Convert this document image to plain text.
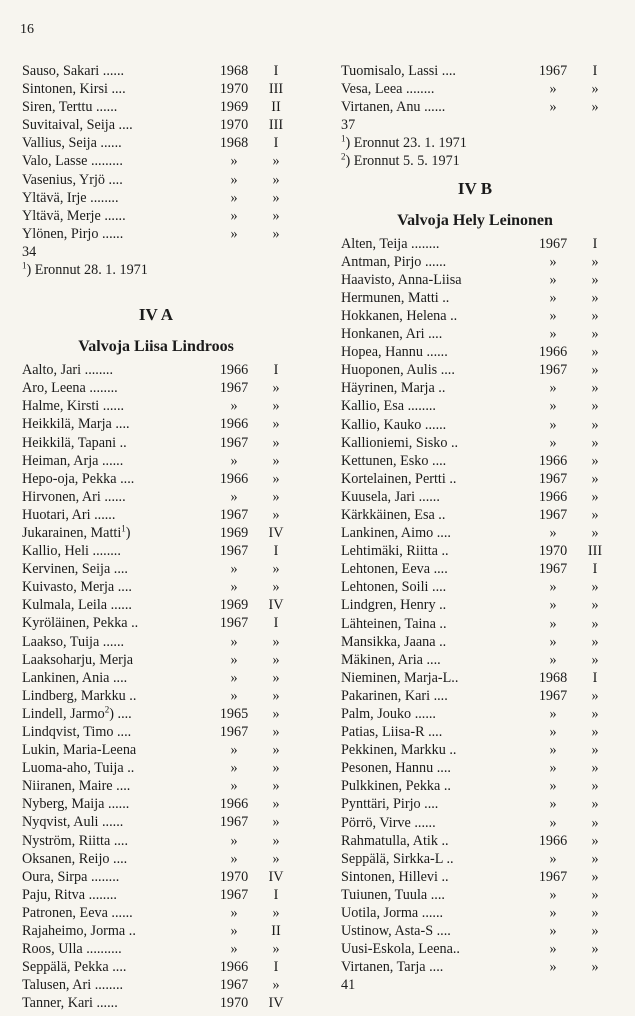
16
Sauso, Sakari ......	1968	I
Sintonen, Kirsi ....	1970	III
Siren, Terttu ......	1969	II
Suvitaival, Seija ....	1970	III
Vallius, Seija ......	1968	I
Valo, Lasse .........	»	»
Vasenius, Yrjö ....	»	»
Yltävä, Irje ........	»	»
Yltävä, Merje ......	»	»
Ylönen, Pirjo ......	»	»
34
$^1$) Eronnut 28. 1. 1971
IV A
Valvoja Liisa Lindroos
Aalto, Jari ........	1966	I
Aro, Leena ........	1967	»
Halme, Kirsti ......	»	»
Heikkilä, Marja ....	1966	»
Heikkilä, Tapani ..	1967	»
Heiman, Arja ......	»	»
Hepo-oja, Pekka ....	1966	»
Hirvonen, Ari ......	»	»
Huotari, Ari ......	1967	»
Jukarainen, Matti$^1$)	1969	IV
Kallio, Heli ........	1967	I
Kervinen, Seija ....	»	»
Kuivasto, Merja ....	»	»
Kulmala, Leila ......	1969	IV
Kyröläinen, Pekka ..	1967	I
Laakso, Tuija ......	»	»
Laaksoharju, Merja	»	»
Lankinen, Ania ....	»	»
Lindberg, Markku ..	»	»
Lindell, Jarmo$^2$) ....	1965	»
Lindqvist, Timo ....	1967	»
Lukin, Maria-Leena	»	»
Luoma-aho, Tuija ..	»	»
Niiranen, Maire ....	»	»
Nyberg, Maija ......	1966	»
Nyqvist, Auli ......	1967	»
Nyström, Riitta ....	»	»
Oksanen, Reijo ....	»	»
Oura, Sirpa ........	1970	IV
Paju, Ritva ........	1967	I
Patronen, Eeva ......	»	»
Rajaheimo, Jorma ..	»	II
Roos, Ulla ..........	»	»
Seppälä, Pekka ....	1966	I
Talusen, Ari ........	1967	»
Tanner, Kari ......	1970	IV
Tuomisalo, Lassi ....	1967	I
Vesa, Leea ........	»	»
Virtanen, Anu ......	»	»
37
$^1$) Eronnut 23. 1. 1971
$^2$) Eronnut 5. 5. 1971
IV B
Valvoja Hely Leinonen
Alten, Teija ........	1967	I
Antman, Pirjo ......	»	»
Haavisto, Anna-Liisa	»	»
Hermunen, Matti ..	»	»
Hokkanen, Helena ..	»	»
Honkanen, Ari ....	»	»
Hopea, Hannu ......	1966	»
Huoponen, Aulis ....	1967	»
Häyrinen, Marja ..	»	»
Kallio, Esa ........	»	»
Kallio, Kauko ......	»	»
Kallioniemi, Sisko ..	»	»
Kettunen, Esko ....	1966	»
Kortelainen, Pertti ..	1967	»
Kuusela, Jari ......	1966	»
Kärkkäinen, Esa ..	1967	»
Lankinen, Aimo ....	»	»
Lehtimäki, Riitta ..	1970	III
Lehtonen, Eeva ....	1967	I
Lehtonen, Soili ....	»	»
Lindgren, Henry ..	»	»
Lähteinen, Taina ..	»	»
Mansikka, Jaana ..	»	»
Mäkinen, Aria ....	»	»
Nieminen, Marja-L..	1968	I
Pakarinen, Kari ....	1967	»
Palm, Jouko ......	»	»
Patias, Liisa-R ....	»	»
Pekkinen, Markku ..	»	»
Pesonen, Hannu ....	»	»
Pulkkinen, Pekka ..	»	»
Pynttäri, Pirjo ....	»	»
Pörrö, Virve ......	»	»
Rahmatulla, Atik ..	1966	»
Seppälä, Sirkka-L ..	»	»
Sintonen, Hillevi ..	1967	»
Tuiunen, Tuula ....	»	»
Uotila, Jorma ......	»	»
Ustinow, Asta-S ....	»	»
Uusi-Eskola, Leena..	»	»
Virtanen, Tarja ....	»	»
41
